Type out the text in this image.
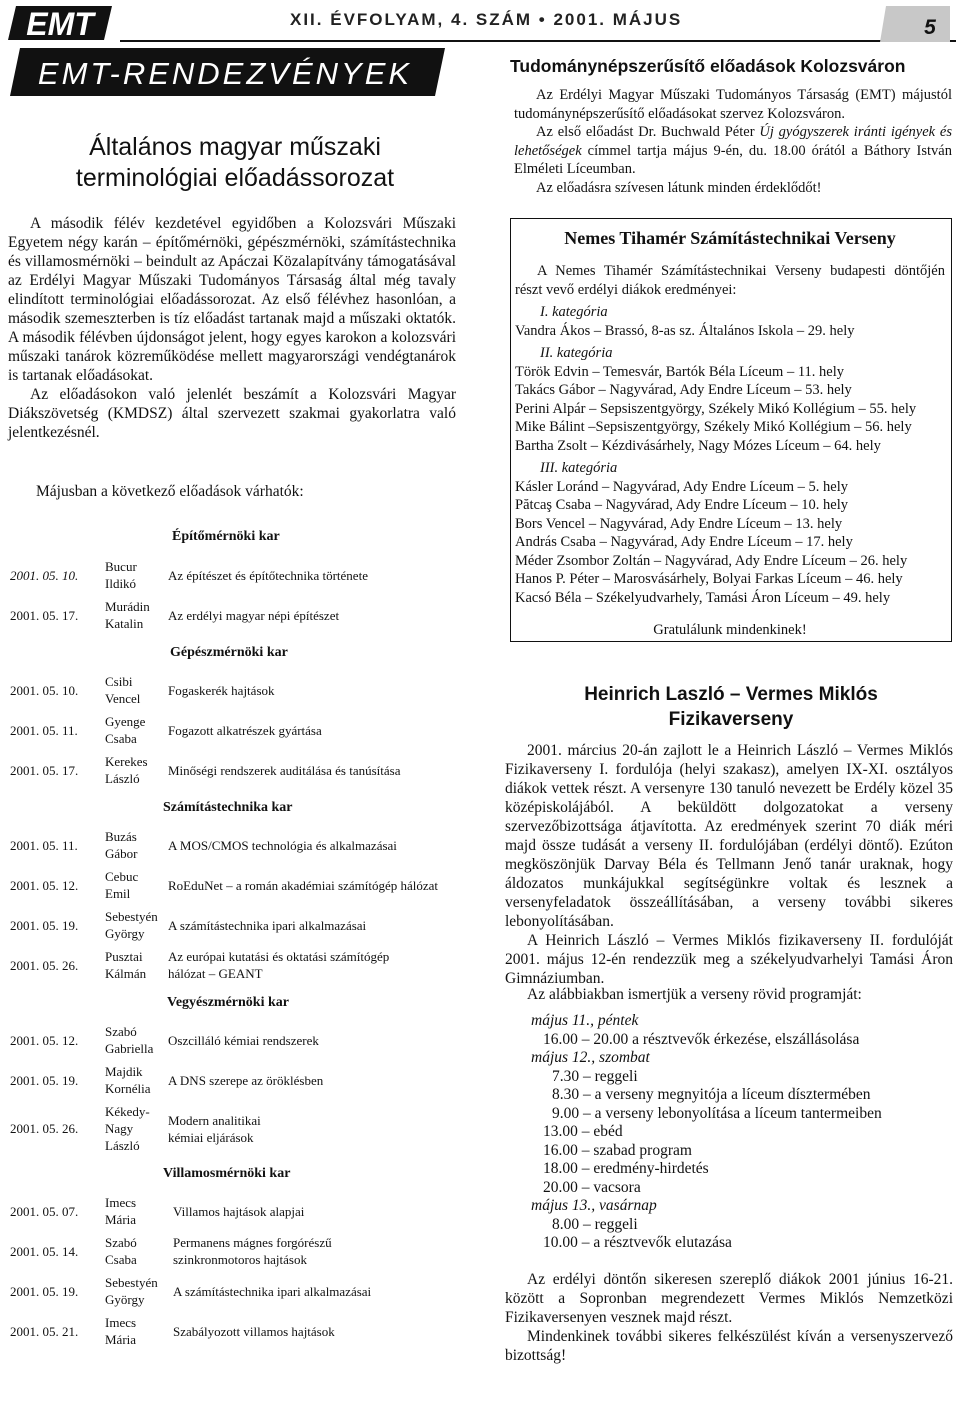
EMT	XII. ÉVFOLYAM, 4. SZÁM • 2001. MÁJUS	5
EMT-RENDEZVÉNYEK
Általános magyar műszaki
terminológiai előadássorozat

A második félév kezdetével egyidőben a Kolozsvári Műszaki Egyetem négy karán – építőmérnöki, gépészmérnöki, számítástechnika és villamosmérnöki – beindult az Apáczai Közalapítvány támogatásával az Erdélyi Magyar Műszaki Tudományos Társaság által még tavaly elindított terminológiai előadássorozat. Az első félévhez hasonlóan, a második szemeszterben is tíz előadást tartanak majd a műszaki oktatók. A második félévben újdonságot jelent, hogy egyes karokon a kolozsvári műszaki tanárok közreműködése mellett magyarországi vendégtanárok is tartanak előadásokat.

Az előadásokon való jelenlét beszámít a Kolozsvári Magyar Diákszövetség (KMDSZ) által szervezett szakmai gyakorlatra való jelentkezésnél.

Májusban a következő előadások várhatók:
Építőmérnöki kar
2001. 05. 10.
Bucur Ildikó
Az építészet és építőtechnika története
2001. 05. 17.
Murádin Katalin
Az erdélyi magyar népi építészet
Gépészmérnöki kar
2001. 05. 10.
Csibi Vencel
Fogaskerék hajtások
2001. 05. 11.
Gyenge Csaba
Fogazott alkatrészek gyártása
2001. 05. 17.
Kerekes László
Minőségi rendszerek auditálása és tanúsítása
Számítástechnika kar
2001. 05. 11.
Buzás Gábor
A MOS/CMOS technológia és alkalmazásai
2001. 05. 12.
Cebuc Emil
RoEduNet – a román akadémiai számítógép hálózat
2001. 05. 19.
Sebestyén György
A számítástechnika ipari alkalmazásai
2001. 05. 26.
Pusztai Kálmán
Az európai kutatási és oktatási számítógép hálózat – GEANT
Vegyészmérnöki kar
2001. 05. 12.
Szabó Gabriella
Oszcilláló kémiai rendszerek
2001. 05. 19.
Majdik Kornélia
A DNS szerepe az öröklésben
2001. 05. 26.
Kékedy-Nagy László
Modern analitikai kémiai eljárások
Villamosmérnöki kar
2001. 05. 07.
Imecs Mária
Villamos hajtások alapjai
2001. 05. 14.
Szabó Csaba
Permanens mágnes forgórészű szinkronmotoros hajtások
2001. 05. 19.
Sebestyén György
A számítástechnika ipari alkalmazásai
2001. 05. 21.
Imecs Mária
Szabályozott villamos hajtások
Tudománynépszerűsítő előadások Kolozsváron

Az Erdélyi Magyar Műszaki Tudományos Társaság (EMT) májustól tudománynépszerűsítő előadásokat szervez Kolozsváron.

Az első előadást Dr. Buchwald Péter Új gyógyszerek iránti igények és lehetőségek címmel tartja május 9-én, du. 18.00 órától a Báthory István Elméleti Líceumban.

Az előadásra szívesen látunk minden érdeklődőt!

Nemes Tihamér Számítástechnikai Verseny

A Nemes Tihamér Számítástechnikai Verseny budapesti döntőjén részt vevő erdélyi diákok eredményei:

I. kategória
Vandra Ákos – Brassó, 8-as sz. Általános Iskola – 29. hely
II. kategória
Török Edvin – Temesvár, Bartók Béla Líceum – 11. hely
Takács Gábor – Nagyvárad, Ady Endre Líceum – 53. hely
Perini Alpár – Sepsiszentgyörgy, Székely Mikó Kollégium – 55. hely
Mike Bálint –Sepsiszentgyörgy, Székely Mikó Kollégium – 56. hely
Bartha Zsolt – Kézdivásárhely, Nagy Mózes Líceum – 64. hely
III. kategória
Kásler Loránd – Nagyvárad, Ady Endre Líceum – 5. hely
Pătcaş Csaba – Nagyvárad, Ady Endre Líceum – 10. hely
Bors Vencel – Nagyvárad, Ady Endre Líceum – 13. hely
András Csaba – Nagyvárad, Ady Endre Líceum – 17. hely
Méder Zsombor Zoltán – Nagyvárad, Ady Endre Líceum – 26. hely
Hanos P. Péter – Marosvásárhely, Bolyai Farkas Líceum – 46. hely
Kacsó Béla – Székelyudvarhely, Tamási Áron Líceum – 49. hely
Gratulálunk mindenkinek!
Heinrich Laszló – Vermes Miklós
Fizikaverseny

2001. március 20-án zajlott le a Heinrich László – Vermes Miklós Fizikaverseny I. fordulója (helyi szakasz), amelyen IX-XI. osztályos diákok vettek részt. A versenyre 130 tanuló nevezett be Erdély közel 35 középiskolájából. A beküldött dolgozatokat a verseny szervezőbizottsága átjavította. Az eredmények szerint 70 diák méri majd össze tudását a verseny II. fordulójában (erdélyi döntő). Ezúton megköszönjük Darvay Béla és Tellmann Jenő tanár uraknak, hogy áldozatos munkájukkal segítségünkre voltak és lesznek a versenyfeladatok összeállításában, a verseny további sikeres lebonyolításában.

A Heinrich László – Vermes Miklós fizikaverseny II. fordulóját 2001. május 12-én rendezzük meg a székelyudvarhelyi Tamási Áron Gimnáziumban.

Az alábbiakban ismertjük a verseny rövid programját:
május 11., péntek
16.00 – 20.00 a résztvevők érkezése, elszállásolása
május 12., szombat
7.30 – reggeli
8.30 – a verseny megnyitója a líceum dísztermében
9.00 – a verseny lebonyolítása a líceum tantermeiben
13.00 – ebéd
16.00 – szabad program
18.00 – eredmény-hirdetés
20.00 – vacsora
május 13., vasárnap
8.00 – reggeli
10.00 – a résztvevők elutazása

Az erdélyi döntőn sikeresen szereplő diákok 2001 június 16-21. között a Sopronban megrendezett Vermes Miklós Nemzetközi Fizikaversenyen vesznek majd részt.

Mindenkinek további sikeres felkészülést kíván a versenyszervező bizottság!
